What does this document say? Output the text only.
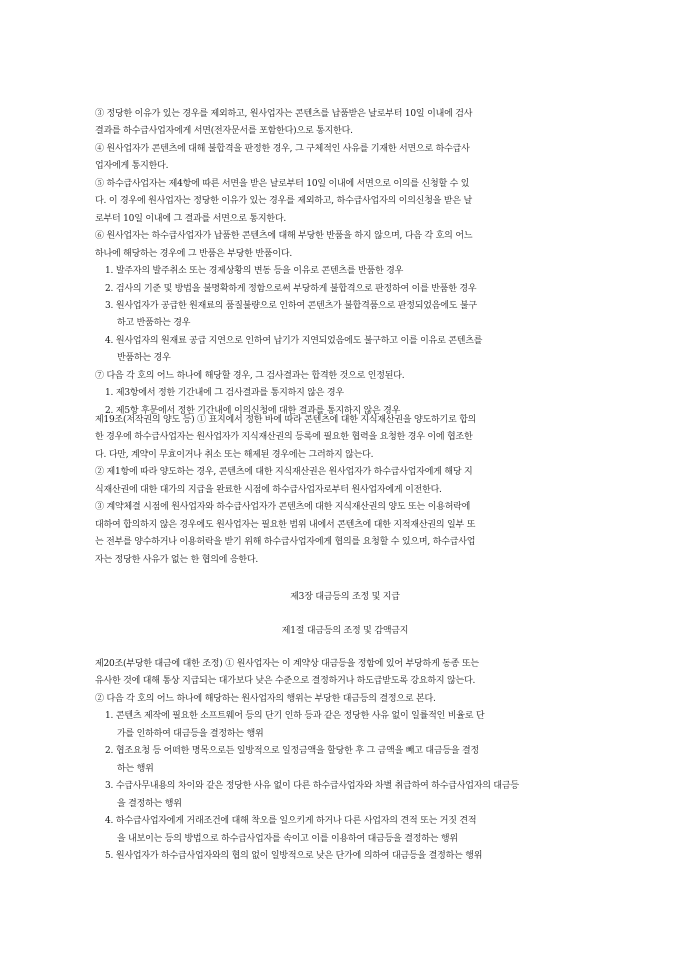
③ 정당한 이유가 있는 경우를 제외하고, 원사업자는 콘텐츠를 납품받은 날로부터 10일 이내에 검사
결과를 하수급사업자에게 서면(전자문서를 포함한다)으로 통지한다.
④ 원사업자가 콘텐츠에 대해 불합격을 판정한 경우, 그 구체적인 사유를 기재한 서면으로 하수급사
업자에게 통지한다.
⑤ 하수급사업자는 제4항에 따른 서면을 받은 날로부터 10일 이내에 서면으로 이의를 신청할 수 있
다. 이 경우에 원사업자는 정당한 이유가 있는 경우를 제외하고, 하수급사업자의 이의신청을 받은 날
로부터 10일 이내에 그 결과를 서면으로 통지한다.
⑥ 원사업자는 하수급사업자가 납품한 콘텐츠에 대해 부당한 반품을 하지 않으며, 다음 각 호의 어느
하나에 해당하는 경우에 그 반품은 부당한 반품이다.
1. 발주자의 발주취소 또는 경제상황의 변동 등을 이유로 콘텐츠를 반품한 경우
2. 검사의 기준 및 방법을 불명확하게 정함으로써 부당하게 불합격으로 판정하여 이를 반품한 경우
3. 원사업자가 공급한 원재료의 품질불량으로 인하여 콘텐츠가 불합격품으로 판정되었음에도 불구
하고 반품하는 경우
4. 원사업자의 원재료 공급 지연으로 인하여 납기가 지연되었음에도 불구하고 이를 이유로 콘텐츠를
반품하는 경우
⑦ 다음 각 호의 어느 하나에 해당할 경우, 그 검사결과는 합격한 것으로 인정된다.
1. 제3항에서 정한 기간내에 그 검사결과를 통지하지 않은 경우
2. 제5항 후문에서 정한 기간내에 이의신청에 대한 결과를 통지하지 않은 경우
제19조(저작권의 양도 등) ① 표지에서 정한 바에 따라 콘텐츠에 대한 지식재산권을 양도하기로 합의
한 경우에 하수급사업자는 원사업자가 지식재산권의 등록에 필요한 협력을 요청한 경우 이에 협조한
다. 다만, 계약이 무효이거나 취소 또는 해제된 경우에는 그러하지 않는다.
② 제1항에 따라 양도하는 경우, 콘텐츠에 대한 지식재산권은 원사업자가 하수급사업자에게 해당 지
식재산권에 대한 대가의 지급을 완료한 시점에 하수급사업자로부터 원사업자에게 이전한다.
③ 계약체결 시점에 원사업자와 하수급사업자가 콘텐츠에 대한 지식재산권의 양도 또는 이용허락에
대하여 합의하지 않은 경우에도 원사업자는 필요한 범위 내에서 콘텐츠에 대한 지적재산권의 일부 또
는 전부를 양수하거나 이용허락을 받기 위해 하수급사업자에게 협의를 요청할 수 있으며, 하수급사업
자는 정당한 사유가 없는 한 협의에 응한다.
제3장 대금등의 조정 및 지급
제1절 대금등의 조정 및 감액금지
제20조(부당한 대금에 대한 조정) ① 원사업자는 이 계약상 대금등을 정함에 있어 부당하게 동종 또는
유사한 것에 대해 통상 지급되는 대가보다 낮은 수준으로 결정하거나 하도급받도록 강요하지 않는다.
② 다음 각 호의 어느 하나에 해당하는 원사업자의 행위는 부당한 대금등의 결정으로 본다.
1. 콘텐츠 제작에 필요한 소프트웨어 등의 단기 인하 등과 같은 정당한 사유 없이 일률적인 비율로 단
가를 인하하여 대금등을 결정하는 행위
2. 협조요청 등 어떠한 명목으로든 일방적으로 일정금액을 할당한 후 그 금액을 빼고 대금등을 결정
하는 행위
3. 수급사무내용의 차이와 같은 정당한 사유 없이 다른 하수급사업자와 차별 취급하여 하수급사업자의 대금등
을 결정하는 행위
4. 하수급사업자에게 거래조건에 대해 착오를 일으키게 하거나 다른 사업자의 견적 또는 거짓 견적
을 내보이는 등의 방법으로 하수급사업자를 속이고 이를 이용하여 대금등을 결정하는 행위
5. 원사업자가 하수급사업자와의 협의 없이 일방적으로 낮은 단가에 의하여 대금등을 결정하는 행위
